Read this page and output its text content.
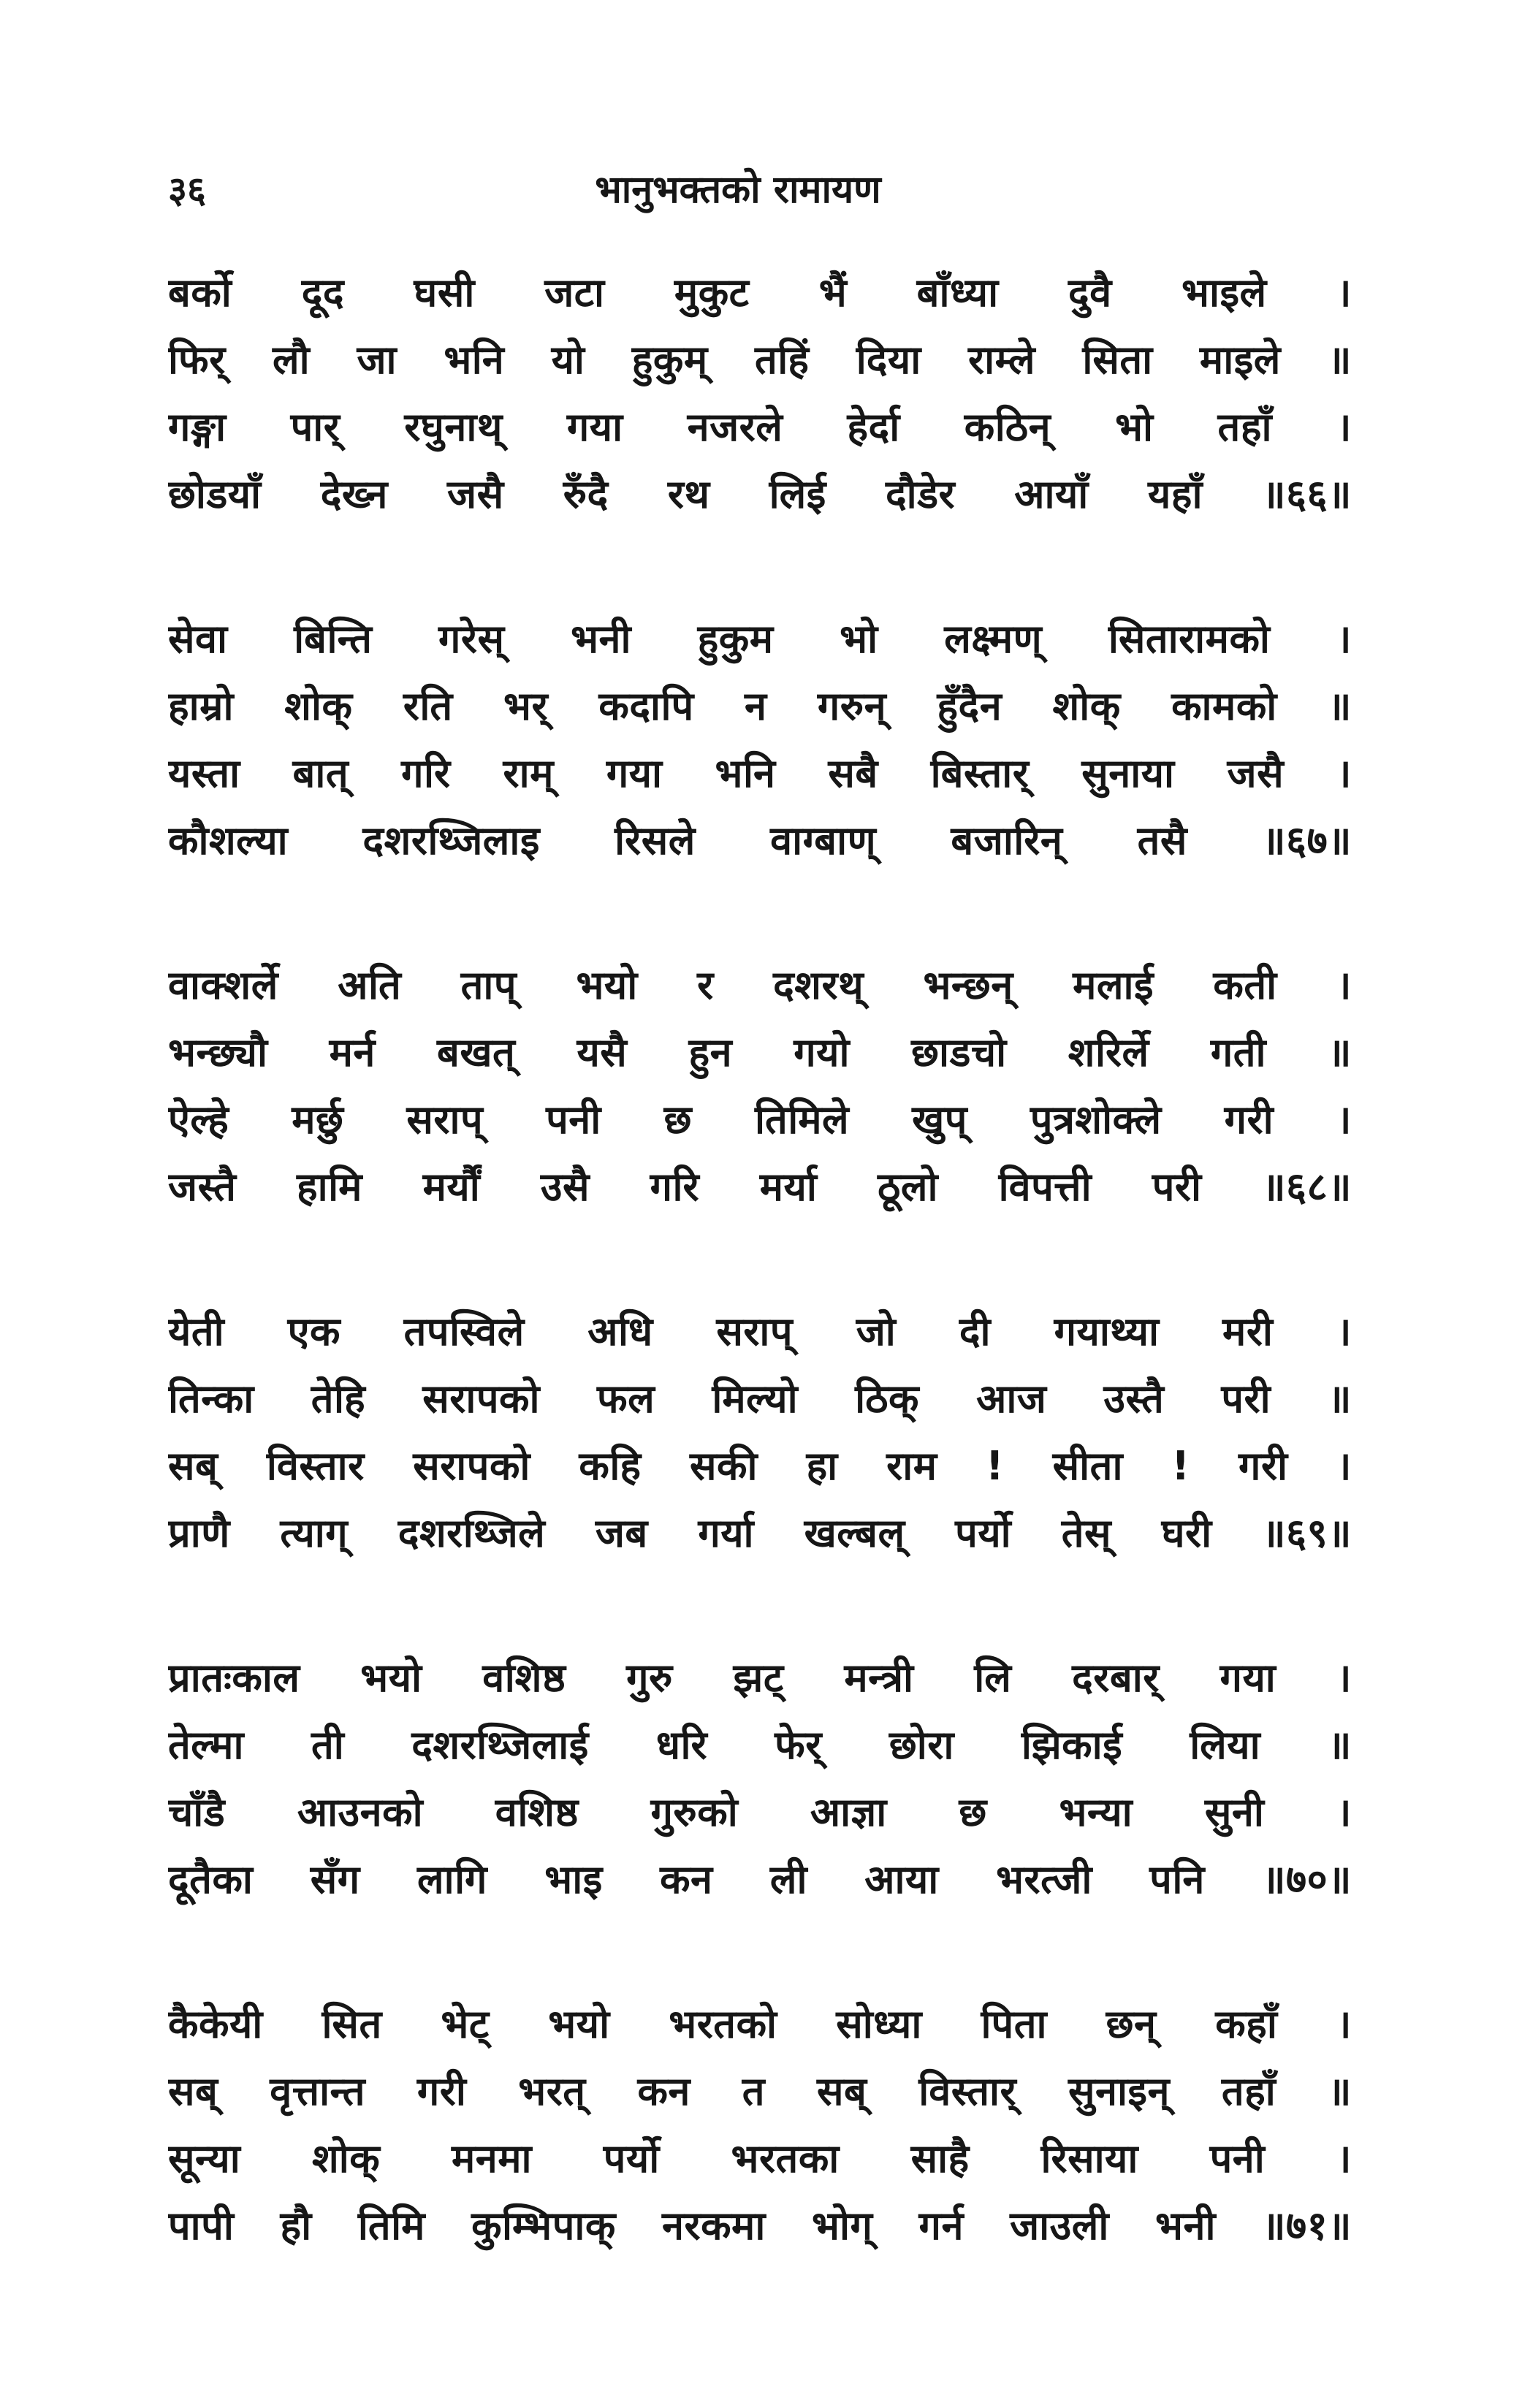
३६	भानुभक्तको रामायण
बर्को दूद घसी जटा मुकुट भैं बाँध्या दुवै भाइले ।
फिर् लौ जा भनि यो हुकुम् तहिं दिया राम्ले सिता माइले ॥
गङ्गा पार् रघुनाथ् गया नजरले हेर्दा कठिन् भो तहाँ ।
छोडयाँ देख्न जसै रुँदै रथ लिई दौडेर आयाँ यहाँ ॥६६॥
सेवा बिन्ति गरेस् भनी हुकुम भो लक्ष्मण् सितारामको ।
हाम्रो शोक् रति भर् कदापि न गरुन् हुँदैन शोक् कामको ॥
यस्ता बात् गरि राम् गया भनि सबै बिस्तार् सुनाया जसै ।
कौशल्या दशरथ्जिलाइ रिसले वाग्बाण् बजारिन् तसै ॥६७॥
वाक्शर्ले अति ताप् भयो र दशरथ् भन्छन् मलाई कती ।
भन्छ्यौ मर्न बखत् यसै हुन गयो छाडचो शरिर्ले गती ॥
ऐल्हे मर्छु सराप् पनी छ तिमिले खुप् पुत्रशोक्ले गरी ।
जस्तै हामि मर्यौं उसै गरि मर्या ठूलो विपत्ती परी ॥६८॥
येती एक तपस्विले अधि सराप् जो दी गयाथ्या मरी ।
तिन्का तेहि सरापको फल मिल्यो ठिक् आज उस्तै परी ॥
सब् विस्तार सरापको कहि सकी हा राम ! सीता ! गरी ।
प्राणै त्याग् दशरथ्जिले जब गर्या खल्बल् पर्यो तेस् घरी ॥६९॥
प्रातःकाल भयो वशिष्ठ गुरु झट् मन्त्री लि दरबार् गया ।
तेल्मा ती दशरथ्जिलाई धरि फेर् छोरा झिकाई लिया ॥
चाँडै आउनको वशिष्ठ गुरुको आज्ञा छ भन्या सुनी ।
दूतैका सँग लागि भाइ कन ली आया भरत्जी पनि ॥७०॥
कैकेयी सित भेट् भयो भरतको सोध्या पिता छन् कहाँ ।
सब् वृत्तान्त गरी भरत् कन त सब् विस्तार् सुनाइन् तहाँ ॥
सून्या शोक् मनमा पर्यो भरतका साहै रिसाया पनी ।
पापी हौ तिमि कुम्भिपाक् नरकमा भोग् गर्न जाउली भनी ॥७१॥
